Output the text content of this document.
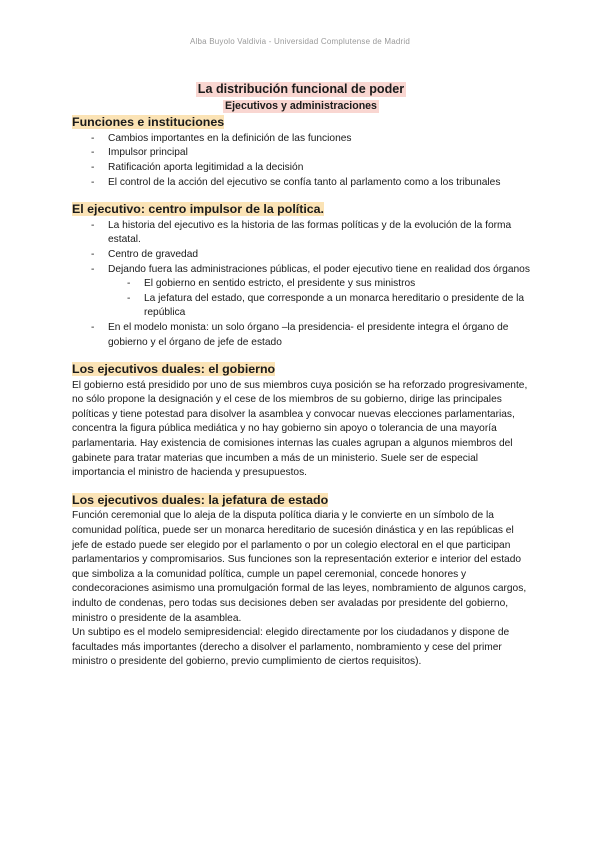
Alba Buyolo Valdivia - Universidad Complutense de Madrid
La distribución funcional de poder
Ejecutivos y administraciones
Funciones e instituciones
- Cambios importantes en la definición de las funciones
- Impulsor principal
- Ratificación aporta legitimidad a la decisión
- El control de la acción del ejecutivo se confía tanto al parlamento como a los tribunales
El ejecutivo: centro impulsor de la política.
- La historia del ejecutivo es la historia de las formas políticas y de la evolución de la forma estatal.
- Centro de gravedad
- Dejando fuera las administraciones públicas, el poder ejecutivo tiene en realidad dos órganos
- El gobierno en sentido estricto, el presidente y sus ministros
- La jefatura del estado, que corresponde a un monarca hereditario o presidente de la república
- En el modelo monista: un solo órgano –la presidencia- el presidente integra el órgano de gobierno y el órgano de jefe de estado
Los ejecutivos duales: el gobierno

El gobierno está presidido por uno de sus miembros cuya posición se ha reforzado progresivamente, no sólo propone la designación y el cese de los miembros de su gobierno, dirige las principales políticas y tiene potestad para disolver la asamblea y convocar nuevas elecciones parlamentarias, concentra la figura pública mediática y no hay gobierno sin apoyo o tolerancia de una mayoría parlamentaria. Hay existencia de comisiones internas las cuales agrupan a algunos miembros del gabinete para tratar materias que incumben a más de un ministerio. Suele ser de especial importancia el ministro de hacienda y presupuestos.

Los ejecutivos duales: la jefatura de estado

Función ceremonial que lo aleja de la disputa política diaria y le convierte en un símbolo de la comunidad política, puede ser un monarca hereditario de sucesión dinástica y en las repúblicas el jefe de estado puede ser elegido por el parlamento o por un colegio electoral en el que participan parlamentarios y compromisarios. Sus funciones son la representación exterior e interior del estado que simboliza a la comunidad política, cumple un papel ceremonial, concede honores y condecoraciones asimismo una promulgación formal de las leyes, nombramiento de algunos cargos, indulto de condenas, pero todas sus decisiones deben ser avaladas por presidente del gobierno, ministro o presidente de la asamblea.

Un subtipo es el modelo semipresidencial: elegido directamente por los ciudadanos y dispone de facultades más importantes (derecho a disolver el parlamento, nombramiento y cese del primer ministro o presidente del gobierno, previo cumplimiento de ciertos requisitos).
